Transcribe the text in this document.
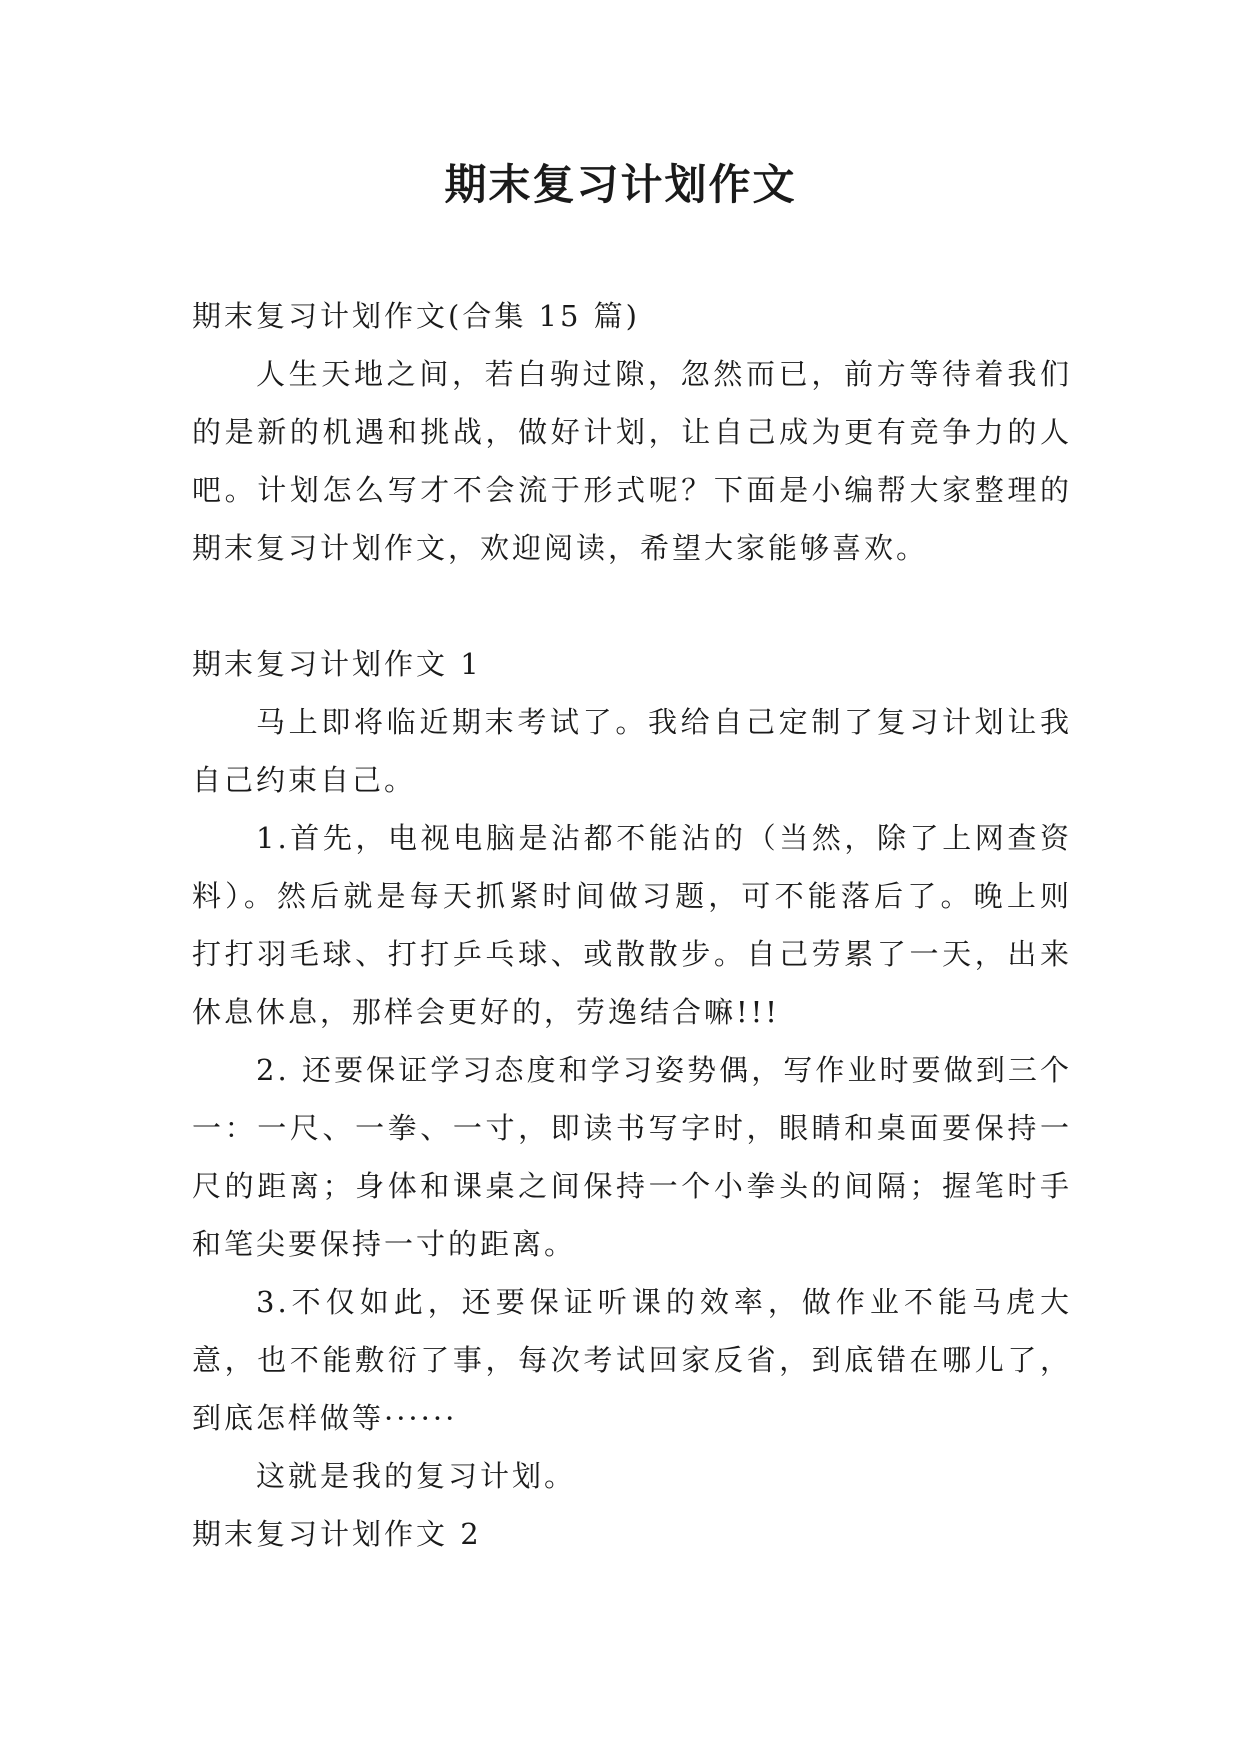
期末复习计划作文

期末复习计划作文(合集 15 篇)

人生天地之间，若白驹过隙，忽然而已，前方等待着我们的是新的机遇和挑战，做好计划，让自己成为更有竞争力的人吧。计划怎么写才不会流于形式呢？下面是小编帮大家整理的期末复习计划作文，欢迎阅读，希望大家能够喜欢。

期末复习计划作文 1

马上即将临近期末考试了。我给自己定制了复习计划让我自己约束自己。

1.首先，电视电脑是沾都不能沾的（当然，除了上网查资料）。然后就是每天抓紧时间做习题，可不能落后了。晚上则打打羽毛球、打打乒乓球、或散散步。自己劳累了一天，出来休息休息，那样会更好的，劳逸结合嘛!!!

2. 还要保证学习态度和学习姿势偶，写作业时要做到三个一：一尺、一拳、一寸，即读书写字时，眼睛和桌面要保持一尺的距离；身体和课桌之间保持一个小拳头的间隔；握笔时手和笔尖要保持一寸的距离。

3.不仅如此，还要保证听课的效率，做作业不能马虎大意，也不能敷衍了事，每次考试回家反省，到底错在哪儿了，到底怎样做等······

这就是我的复习计划。

期末复习计划作文 2
